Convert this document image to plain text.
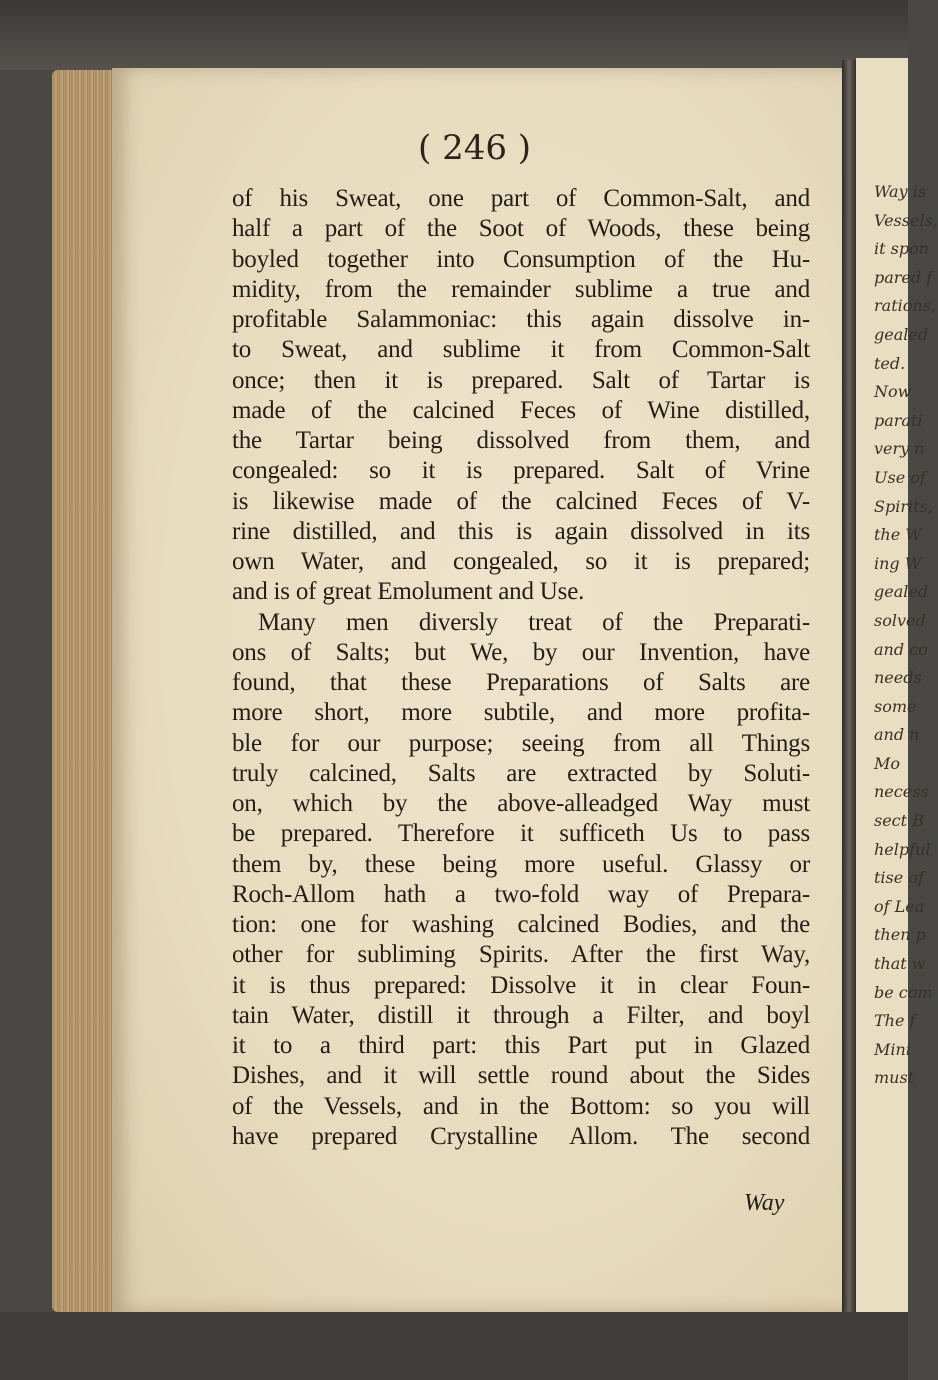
Way is
Vessels,
it spon
pared f
rations,
gealed
ted.
Now
parati
very n
Use of
Spirits,
the W
ing W
gealed
solved
and co
needs
some
and n
Mo
necess
sect B
helpful
tise of
of Lea
then p
that w
be com
The f
Mini
must
( 246 )
of his Sweat, one part of Common-Salt, and
half a part of the Soot of Woods, these being
boyled together into Consumption of the Hu-
midity, from the remainder sublime a true and
profitable Salammoniac: this again dissolve in-
to Sweat, and sublime it from Common-Salt
once; then it is prepared. Salt of Tartar is
made of the calcined Feces of Wine distilled,
the Tartar being dissolved from them, and
congealed: so it is prepared. Salt of Vrine
is likewise made of the calcined Feces of V-
rine distilled, and this is again dissolved in its
own Water, and congealed, so it is prepared;
and is of great Emolument and Use.
Many men diversly treat of the Preparati-
ons of Salts; but We, by our Invention, have
found, that these Preparations of Salts are
more short, more subtile, and more profita-
ble for our purpose; seeing from all Things
truly calcined, Salts are extracted by Soluti-
on, which by the above-alleadged Way must
be prepared. Therefore it sufficeth Us to pass
them by, these being more useful. Glassy or
Roch-Allom hath a two-fold way of Prepara-
tion: one for washing calcined Bodies, and the
other for subliming Spirits. After the first Way,
it is thus prepared: Dissolve it in clear Foun-
tain Water, distill it through a Filter, and boyl
it to a third part: this Part put in Glazed
Dishes, and it will settle round about the Sides
of the Vessels, and in the Bottom: so you will
have prepared Crystalline Allom. The second
Way
